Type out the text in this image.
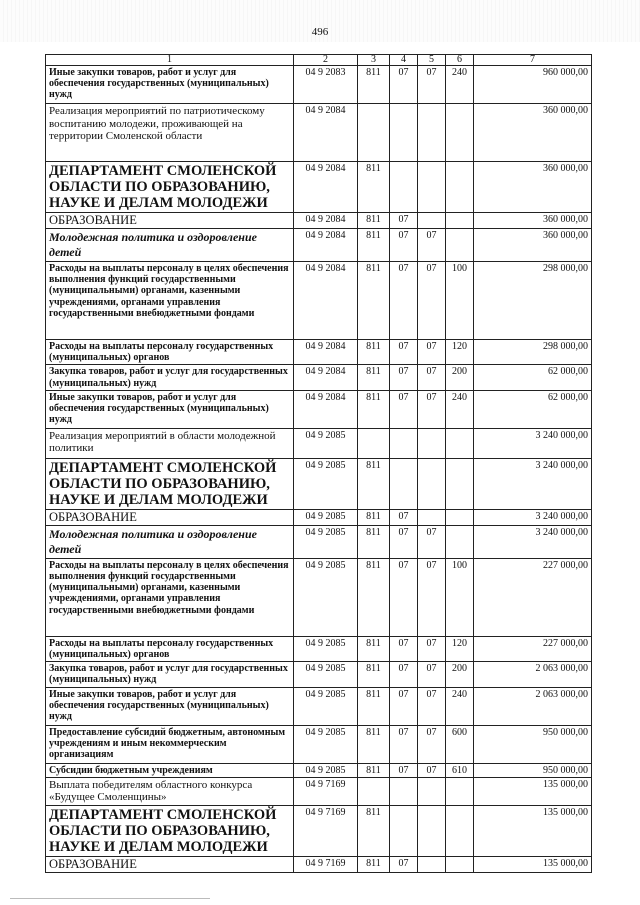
496
1	2	3	4	5	6	7
Иные закупки товаров, работ и услуг для обеспечения государственных (муниципальных) нужд	04 9 2083	811	07	07	240	960 000,00
Реализация мероприятий по патриотическому воспитанию молодежи, проживающей на территории Смоленской области	04 9 2084					360 000,00
ДЕПАРТАМЕНТ СМОЛЕНСКОЙ ОБЛАСТИ ПО ОБРАЗОВАНИЮ, НАУКЕ И ДЕЛАМ МОЛОДЕЖИ	04 9 2084	811				360 000,00
ОБРАЗОВАНИЕ	04 9 2084	811	07			360 000,00
Молодежная политика и оздоровление детей	04 9 2084	811	07	07		360 000,00
Расходы на выплаты персоналу в целях обеспечения выполнения функций государственными (муниципальными) органами, казенными учреждениями, органами управления государственными внебюджетными фондами	04 9 2084	811	07	07	100	298 000,00
Расходы на выплаты персоналу государственных (муниципальных) органов	04 9 2084	811	07	07	120	298 000,00
Закупка товаров, работ и услуг для государственных (муниципальных) нужд	04 9 2084	811	07	07	200	62 000,00
Иные закупки товаров, работ и услуг для обеспечения государственных (муниципальных) нужд	04 9 2084	811	07	07	240	62 000,00
Реализация мероприятий в области молодежной политики	04 9 2085					3 240 000,00
ДЕПАРТАМЕНТ СМОЛЕНСКОЙ ОБЛАСТИ ПО ОБРАЗОВАНИЮ, НАУКЕ И ДЕЛАМ МОЛОДЕЖИ	04 9 2085	811				3 240 000,00
ОБРАЗОВАНИЕ	04 9 2085	811	07			3 240 000,00
Молодежная политика и оздоровление детей	04 9 2085	811	07	07		3 240 000,00
Расходы на выплаты персоналу в целях обеспечения выполнения функций государственными (муниципальными) органами, казенными учреждениями, органами управления государственными внебюджетными фондами	04 9 2085	811	07	07	100	227 000,00
Расходы на выплаты персоналу государственных (муниципальных) органов	04 9 2085	811	07	07	120	227 000,00
Закупка товаров, работ и услуг для государственных (муниципальных) нужд	04 9 2085	811	07	07	200	2 063 000,00
Иные закупки товаров, работ и услуг для обеспечения государственных (муниципальных) нужд	04 9 2085	811	07	07	240	2 063 000,00
Предоставление субсидий бюджетным, автономным учреждениям и иным некоммерческим организациям	04 9 2085	811	07	07	600	950 000,00
Субсидии бюджетным учреждениям	04 9 2085	811	07	07	610	950 000,00
Выплата победителям областного конкурса «Будущее Смоленщины»	04 9 7169					135 000,00
ДЕПАРТАМЕНТ СМОЛЕНСКОЙ ОБЛАСТИ ПО ОБРАЗОВАНИЮ, НАУКЕ И ДЕЛАМ МОЛОДЕЖИ	04 9 7169	811				135 000,00
ОБРАЗОВАНИЕ	04 9 7169	811	07			135 000,00
